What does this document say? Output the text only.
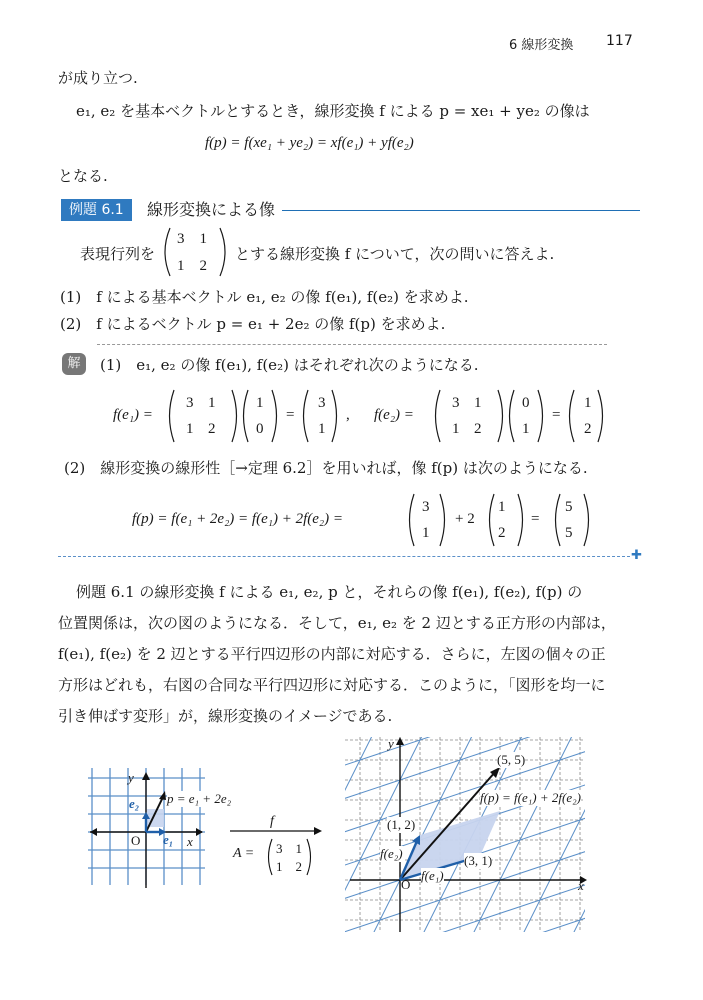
6 線形変換 117
が成り立つ.
e₁, e₂ を基本ベクトルとするとき，線形変換 f による p = xe₁ + ye₂ の像は
f(p) = f(xe₁ + ye₂) = xf(e₁) + yf(e₂)
となる.
例題 6.1	線形変換による像
表現行列を
3　1
1　2
とする線形変換 f について，次の問いに答えよ.
(1)　f による基本ベクトル e₁, e₂ の像 f(e₁), f(e₂) を求めよ.
(2)　f によるベクトル p = e₁ + 2e₂ の像 f(p) を求めよ.
解	(1)　e₁, e₂ の像 f(e₁), f(e₂) はそれぞれ次のようになる.
f(e₁) =
3 1
1 2
1
0
=
3
1
, f(e₂) =
3 1
1 2
0
1
=
1
2
(2)　線形変換の線形性［→定理 6.2］を用いれば，像 f(p) は次のようになる.
f(p) = f(e₁ + 2e₂) = f(e₁) + 2f(e₂) =
3
1
+ 2
1
2
=
5
5
✚
例題 6.1 の線形変換 f による e₁, e₂, p と，それらの像 f(e₁), f(e₂), f(p) の
位置関係は，次の図のようになる．そして，e₁, e₂ を 2 辺とする正方形の内部は，
f(e₁), f(e₂) を 2 辺とする平行四辺形の内部に対応する．さらに，左図の個々の正
方形はどれも，右図の合同な平行四辺形に対応する．このように，「図形を均一に
引き伸ばす変形」が，線形変換のイメージである.
y
x
O
e₂
e₁
p = e₁ + 2e₂
f
A = 3　1
1　2
y
x
O
(5, 5)
(1, 2)
(3, 1)
f(e₂)
f(e₁)
f(p) = f(e₁) + 2f(e₂)
